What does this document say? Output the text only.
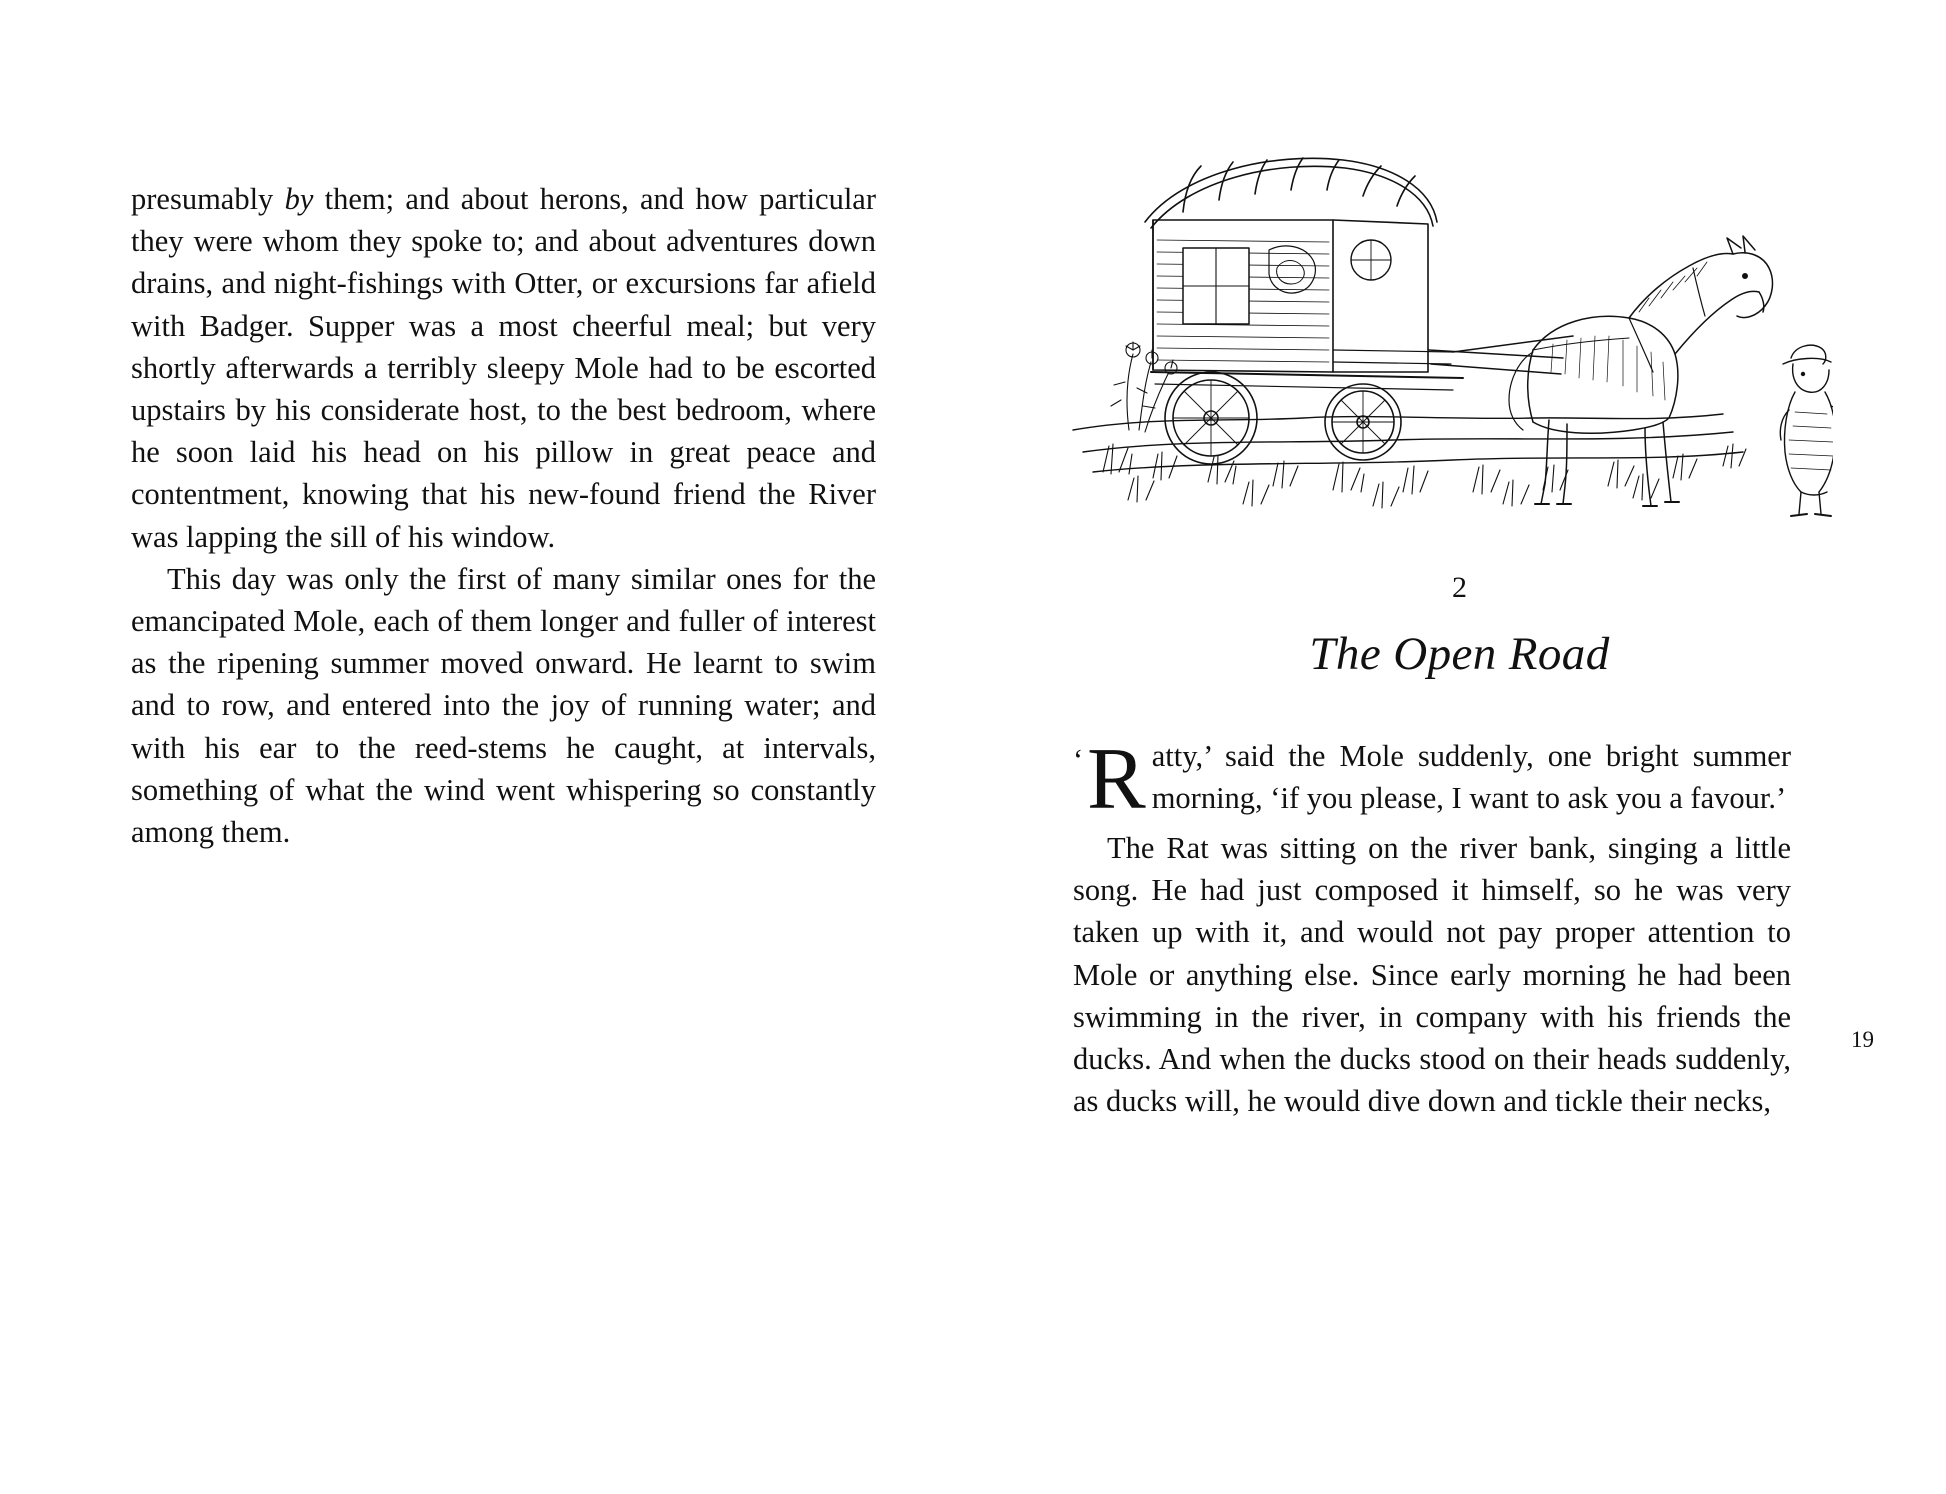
presumably by them; and about herons, and how particular they were whom they spoke to; and about adventures down drains, and night-fishings with Otter, or excursions far afield with Badger. Supper was a most cheerful meal; but very shortly afterwards a terribly sleepy Mole had to be escorted upstairs by his considerate host, to the best bedroom, where he soon laid his head on his pillow in great peace and contentment, knowing that his new-found friend the River was lapping the sill of his window.

This day was only the first of many similar ones for the emancipated Mole, each of them longer and fuller of interest as the ripening summer moved onward. He learnt to swim and to row, and entered into the joy of running water; and with his ear to the reed-stems he caught, at intervals, something of what the wind went whispering so constantly among them.

2
The Open Road

‘ R atty,’ said the Mole suddenly, one bright summer morning, ‘if you please, I want to ask you a favour.’

The Rat was sitting on the river bank, singing a little song. He had just composed it himself, so he was very taken up with it, and would not pay proper attention to Mole or anything else. Since early morning he had been swimming in the river, in company with his friends the ducks. And when the ducks stood on their heads suddenly, as ducks will, he would dive down and tickle their necks,

19
